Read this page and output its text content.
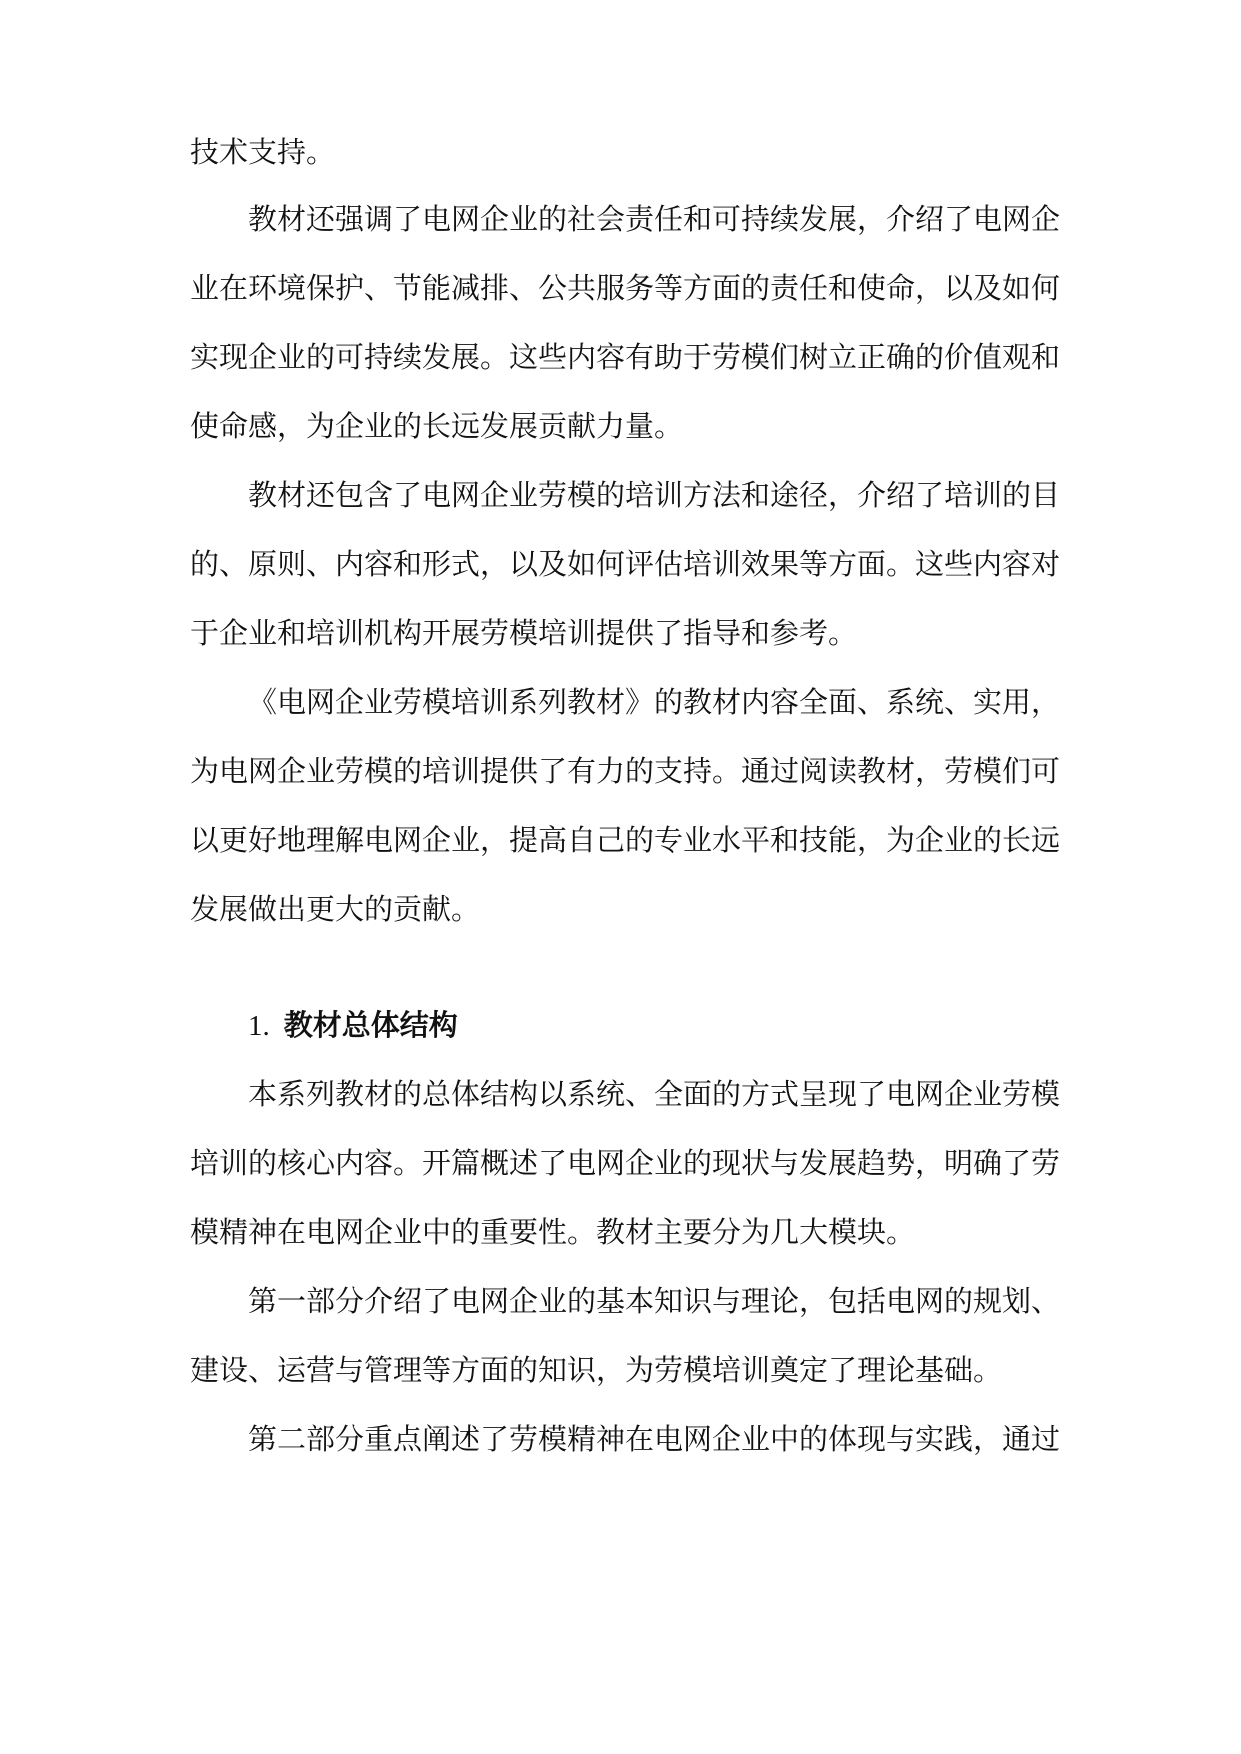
技术支持。
教材还强调了电网企业的社会责任和可持续发展，介绍了电网企
业在环境保护、节能减排、公共服务等方面的责任和使命，以及如何
实现企业的可持续发展。这些内容有助于劳模们树立正确的价值观和
使命感，为企业的长远发展贡献力量。
教材还包含了电网企业劳模的培训方法和途径，介绍了培训的目
的、原则、内容和形式，以及如何评估培训效果等方面。这些内容对
于企业和培训机构开展劳模培训提供了指导和参考。
《电网企业劳模培训系列教材》的教材内容全面、系统、实用，
为电网企业劳模的培训提供了有力的支持。通过阅读教材，劳模们可
以更好地理解电网企业，提高自己的专业水平和技能，为企业的长远
发展做出更大的贡献。
1. 教材总体结构
本系列教材的总体结构以系统、全面的方式呈现了电网企业劳模
培训的核心内容。开篇概述了电网企业的现状与发展趋势，明确了劳
模精神在电网企业中的重要性。教材主要分为几大模块。
第一部分介绍了电网企业的基本知识与理论，包括电网的规划、
建设、运营与管理等方面的知识，为劳模培训奠定了理论基础。
第二部分重点阐述了劳模精神在电网企业中的体现与实践，通过
